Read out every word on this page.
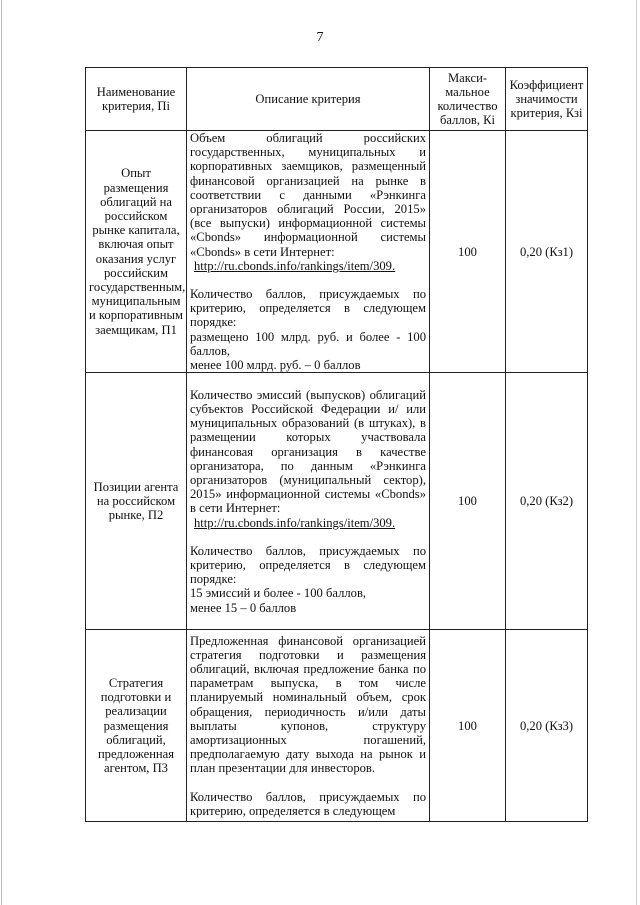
7
Наименование критерия, Пi	Описание критерия	Макси-мальное количество баллов, Кi	Коэффициент значимости критерия, Кзi
Опыт размещения облигаций на российском рынке капитала, включая опыт оказания услуг российским государственным, муниципальным и корпоративным заемщикам, П1	Объем облигаций российских государственных, муниципальных и корпоративных заемщиков, размещенный финансовой организацией на рынке в соответствии с данными «Рэнкинга организаторов облигаций России, 2015» (все выпуски) информационной системы «Cbonds» информационной системы «Cbonds» в сети Интернет:

http://ru.cbonds.info/rankings/item/309.

Количество баллов, присуждаемых по критерию, определяется в следующем порядке:

размещено 100 млрд. руб. и более - 100 баллов,

менее 100 млрд. руб. – 0 баллов	100	0,20 (Кз1)
Позиции агента на российском рынке, П2	Количество эмиссий (выпусков) облигаций субъектов Российской Федерации и/ или муниципальных образований (в штуках), в размещении которых участвовала финансовая организация в качестве организатора, по данным «Рэнкинга организаторов (муниципальный сектор), 2015» информационной системы «Cbonds» в сети Интернет:

http://ru.cbonds.info/rankings/item/309.

Количество баллов, присуждаемых по критерию, определяется в следующем порядке:

15 эмиссий и более - 100 баллов,

менее 15 – 0 баллов	100	0,20 (Кз2)
Стратегия подготовки и реализации размещения облигаций, предложенная агентом, П3	Предложенная финансовой организацией стратегия подготовки и размещения облигаций, включая предложение банка по параметрам выпуска, в том числе планируемый номинальный объем, срок обращения, периодичность и/или даты выплаты купонов, структуру амортизационных погашений, предполагаемую дату выхода на рынок и план презентации для инвесторов.

Количество баллов, присуждаемых по критерию, определяется в следующем	100	0,20 (Кз3)
